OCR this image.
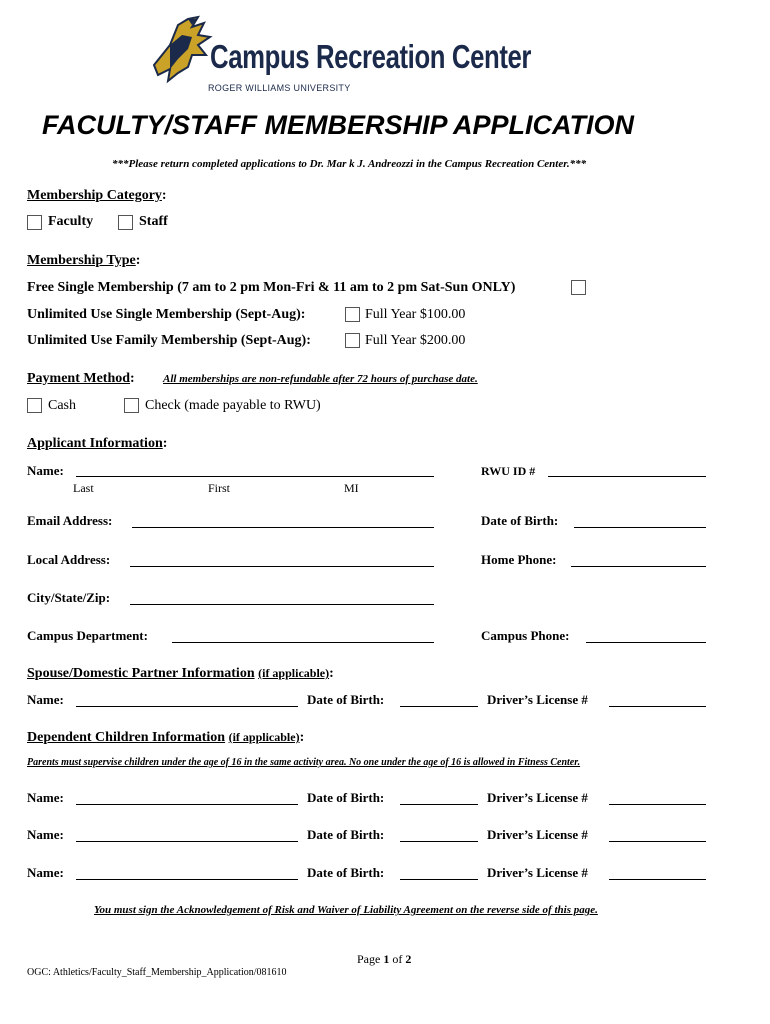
Campus Recreation Center
ROGER WILLIAMS UNIVERSITY
FACULTY/STAFF MEMBERSHIP APPLICATION
***Please return completed applications to Dr. Mar k J. Andreozzi in the Campus Recreation Center.***
Membership Category:
Faculty	Staff
Membership Type:
Free Single Membership (7 am to 2 pm Mon-Fri & 11 am to 2 pm Sat-Sun ONLY)
Unlimited Use Single Membership (Sept-Aug):	Full Year $100.00
Unlimited Use Family Membership (Sept-Aug):	Full Year $200.00
Payment Method:	All memberships are non-refundable after 72 hours of purchase date.
Cash	Check (made payable to RWU)
Applicant Information:
Name:
Last	First	MI
RWU ID #
Email Address:	Date of Birth:
Local Address:	Home Phone:
City/State/Zip:
Campus Department:	Campus Phone:
Spouse/Domestic Partner Information (if applicable):
Name:	Date of Birth:	Driver’s License #
Dependent Children Information (if applicable):
Parents must supervise children under the age of 16 in the same activity area. No one under the age of 16 is allowed in Fitness Center.
Name:	Date of Birth:	Driver’s License #
Name:	Date of Birth:	Driver’s License #
Name:	Date of Birth:	Driver’s License #
You must sign the Acknowledgement of Risk and Waiver of Liability Agreement on the reverse side of this page.
Page 1 of 2
OGC: Athletics/Faculty_Staff_Membership_Application/081610
